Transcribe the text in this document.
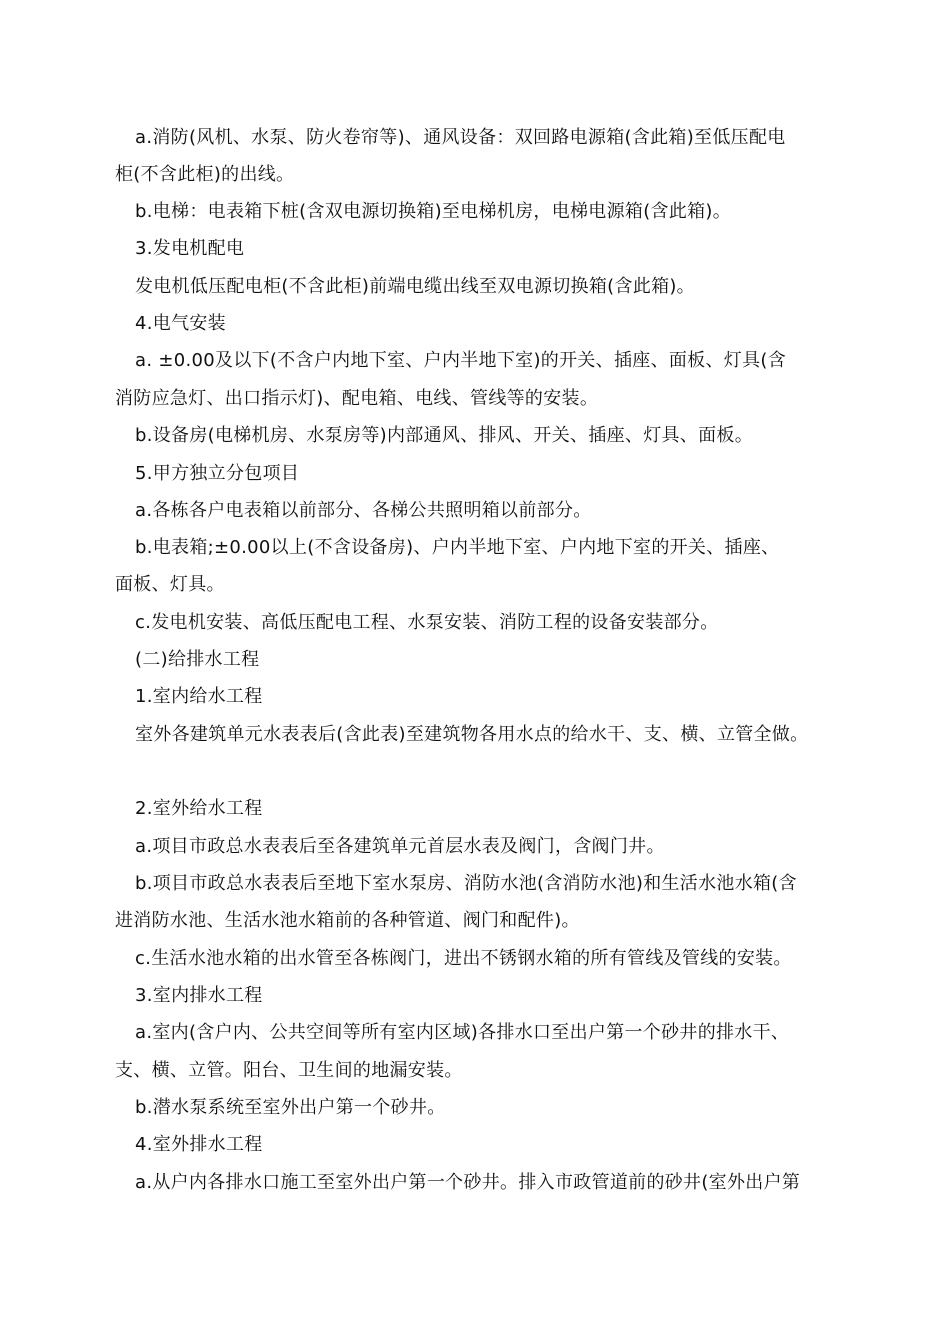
a.消防(风机、水泵、防火卷帘等)、通风设备：双回路电源箱(含此箱)至低压配电
柜(不含此柜)的出线。
b.电梯：电表箱下桩(含双电源切换箱)至电梯机房，电梯电源箱(含此箱)。
3.发电机配电
发电机低压配电柜(不含此柜)前端电缆出线至双电源切换箱(含此箱)。
4.电气安装
a. ±0.00及以下(不含户内地下室、户内半地下室)的开关、插座、面板、灯具(含
消防应急灯、出口指示灯)、配电箱、电线、管线等的安装。
b.设备房(电梯机房、水泵房等)内部通风、排风、开关、插座、灯具、面板。
5.甲方独立分包项目
a.各栋各户电表箱以前部分、各梯公共照明箱以前部分。
b.电表箱;±0.00以上(不含设备房)、户内半地下室、户内地下室的开关、插座、
面板、灯具。
c.发电机安装、高低压配电工程、水泵安装、消防工程的设备安装部分。
(二)给排水工程
1.室内给水工程
室外各建筑单元水表表后(含此表)至建筑物各用水点的给水干、支、横、立管全做。
2.室外给水工程
a.项目市政总水表表后至各建筑单元首层水表及阀门，含阀门井。
b.项目市政总水表表后至地下室水泵房、消防水池(含消防水池)和生活水池水箱(含
进消防水池、生活水池水箱前的各种管道、阀门和配件)。
c.生活水池水箱的出水管至各栋阀门，进出不锈钢水箱的所有管线及管线的安装。
3.室内排水工程
a.室内(含户内、公共空间等所有室内区域)各排水口至出户第一个砂井的排水干、
支、横、立管。阳台、卫生间的地漏安装。
b.潜水泵系统至室外出户第一个砂井。
4.室外排水工程
a.从户内各排水口施工至室外出户第一个砂井。排入市政管道前的砂井(室外出户第
